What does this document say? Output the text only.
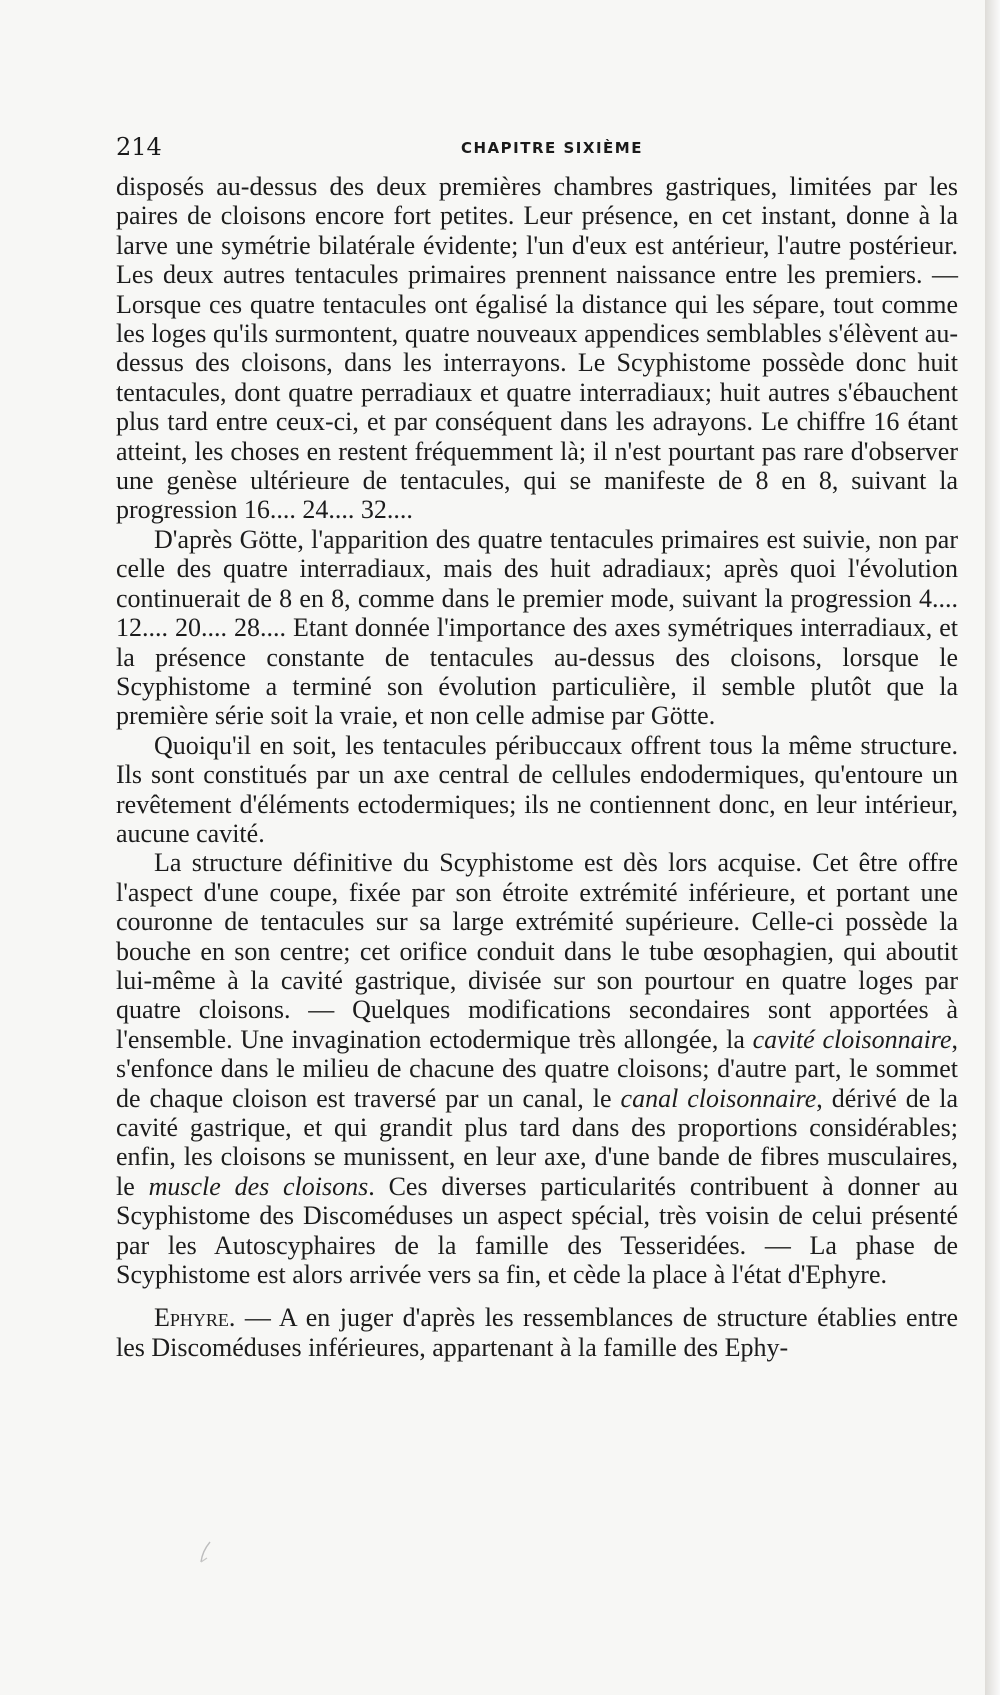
214	CHAPITRE SIXIÈME

disposés au-dessus des deux premières chambres gastriques, limitées par les paires de cloisons encore fort petites. Leur présence, en cet instant, donne à la larve une symétrie bilatérale évidente; l'un d'eux est antérieur, l'autre postérieur. Les deux autres tentacules primaires prennent naissance entre les premiers. — Lorsque ces quatre tentacules ont égalisé la distance qui les sépare, tout comme les loges qu'ils surmontent, quatre nouveaux appendices semblables s'élèvent au-dessus des cloisons, dans les interrayons. Le Scyphistome possède donc huit tentacules, dont quatre perradiaux et quatre interradiaux; huit autres s'ébauchent plus tard entre ceux-ci, et par conséquent dans les adrayons. Le chiffre 16 étant atteint, les choses en restent fréquemment là; il n'est pourtant pas rare d'observer une genèse ultérieure de tentacules, qui se manifeste de 8 en 8, suivant la progression 16.... 24.... 32....

D'après Götte, l'apparition des quatre tentacules primaires est suivie, non par celle des quatre interradiaux, mais des huit adradiaux; après quoi l'évolution continuerait de 8 en 8, comme dans le premier mode, suivant la progression 4.... 12.... 20.... 28.... Etant donnée l'importance des axes symétriques interradiaux, et la présence constante de tentacules au-dessus des cloisons, lorsque le Scyphistome a terminé son évolution particulière, il semble plutôt que la première série soit la vraie, et non celle admise par Götte.

Quoiqu'il en soit, les tentacules péribuccaux offrent tous la même structure. Ils sont constitués par un axe central de cellules endodermiques, qu'entoure un revêtement d'éléments ectodermiques; ils ne contiennent donc, en leur intérieur, aucune cavité.

La structure définitive du Scyphistome est dès lors acquise. Cet être offre l'aspect d'une coupe, fixée par son étroite extrémité inférieure, et portant une couronne de tentacules sur sa large extrémité supérieure. Celle-ci possède la bouche en son centre; cet orifice conduit dans le tube œsophagien, qui aboutit lui-même à la cavité gastrique, divisée sur son pourtour en quatre loges par quatre cloisons. — Quelques modifications secondaires sont apportées à l'ensemble. Une invagination ectodermique très allongée, la cavité cloisonnaire, s'enfonce dans le milieu de chacune des quatre cloisons; d'autre part, le sommet de chaque cloison est traversé par un canal, le canal cloisonnaire, dérivé de la cavité gastrique, et qui grandit plus tard dans des proportions considérables; enfin, les cloisons se munissent, en leur axe, d'une bande de fibres musculaires, le muscle des cloisons. Ces diverses particularités contribuent à donner au Scyphistome des Discoméduses un aspect spécial, très voisin de celui présenté par les Autoscyphaires de la famille des Tesseridées. — La phase de Scyphistome est alors arrivée vers sa fin, et cède la place à l'état d'Ephyre.

Ephyre. — A en juger d'après les ressemblances de structure établies entre les Discoméduses inférieures, appartenant à la famille des Ephy-
